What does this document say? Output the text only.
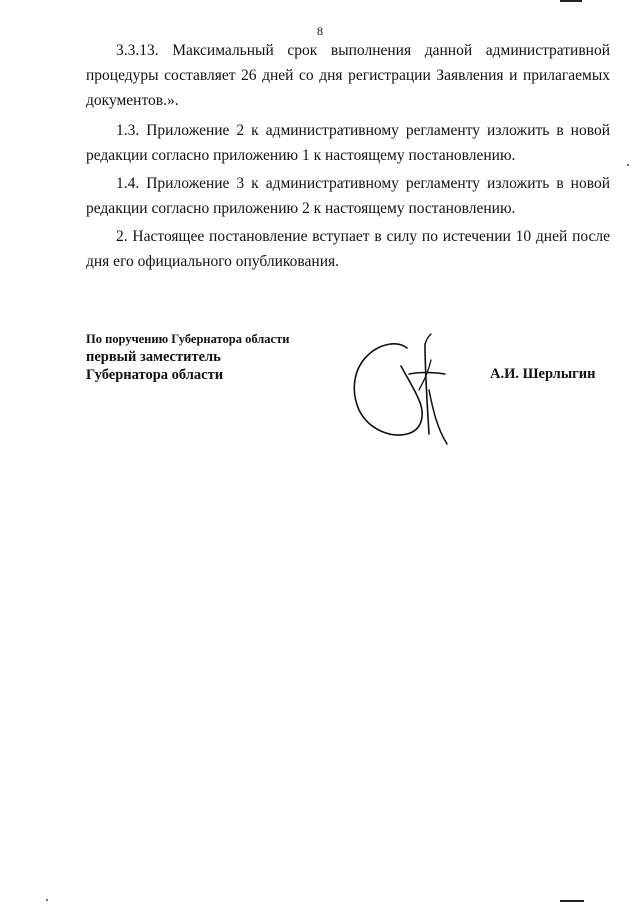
8
3.3.13. Максимальный срок выполнения данной административной процедуры составляет 26 дней со дня регистрации Заявления и прилагаемых документов.».
1.3. Приложение 2 к административному регламенту изложить в новой редакции согласно приложению 1 к настоящему постановлению.
1.4. Приложение 3 к административному регламенту изложить в новой редакции согласно приложению 2 к настоящему постановлению.
2. Настоящее постановление вступает в силу по истечении 10 дней после дня его официального опубликования.
По поручению Губернатора области
первый заместитель
Губернатора области	А.И. Шерлыгин
